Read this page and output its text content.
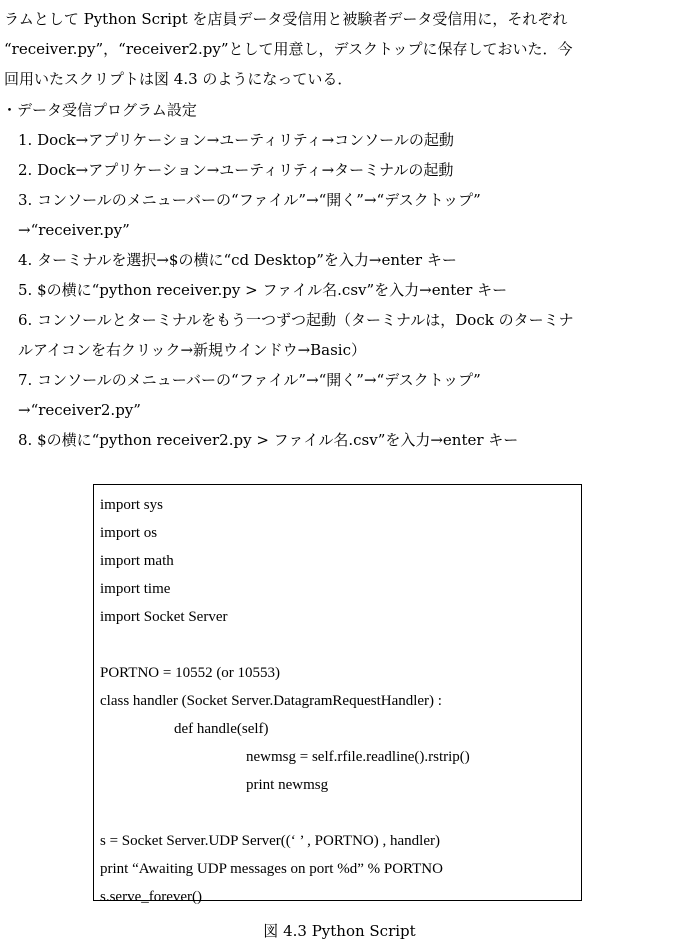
ラムとして Python Script を店員データ受信用と被験者データ受信用に，それぞれ

“receiver.py”，“receiver2.py”として用意し，デスクトップに保存しておいた．今

回用いたスクリプトは図 4.3 のようになっている．

・データ受信プログラム設定

1. Dock→アプリケーション→ユーティリティ→コンソールの起動

2. Dock→アプリケーション→ユーティリティ→ターミナルの起動

3. コンソールのメニューバーの“ファイル”→“開く”→“デスクトップ”

→“receiver.py”

4. ターミナルを選択→$の横に“cd Desktop”を入力→enter キー

5. $の横に“python receiver.py > ファイル名.csv”を入力→enter キー

6. コンソールとターミナルをもう一つずつ起動（ターミナルは，Dock のターミナ

ルアイコンを右クリック→新規ウインドウ→Basic）

7. コンソールのメニューバーの“ファイル”→“開く”→“デスクトップ”

→“receiver2.py”

8. $の横に“python receiver2.py > ファイル名.csv”を入力→enter キー

import sys
import os
import math
import time
import Socket Server
PORTNO = 10552 (or 10553)
class handler (Socket Server.DatagramRequestHandler) :
def handle(self)
newmsg = self.rfile.readline().rstrip()
print newmsg
s = Socket Server.UDP Server((‘ ’ , PORTNO) , handler)
print “Awaiting UDP messages on port %d” % PORTNO
s.serve_forever()
図 4.3 Python Script
